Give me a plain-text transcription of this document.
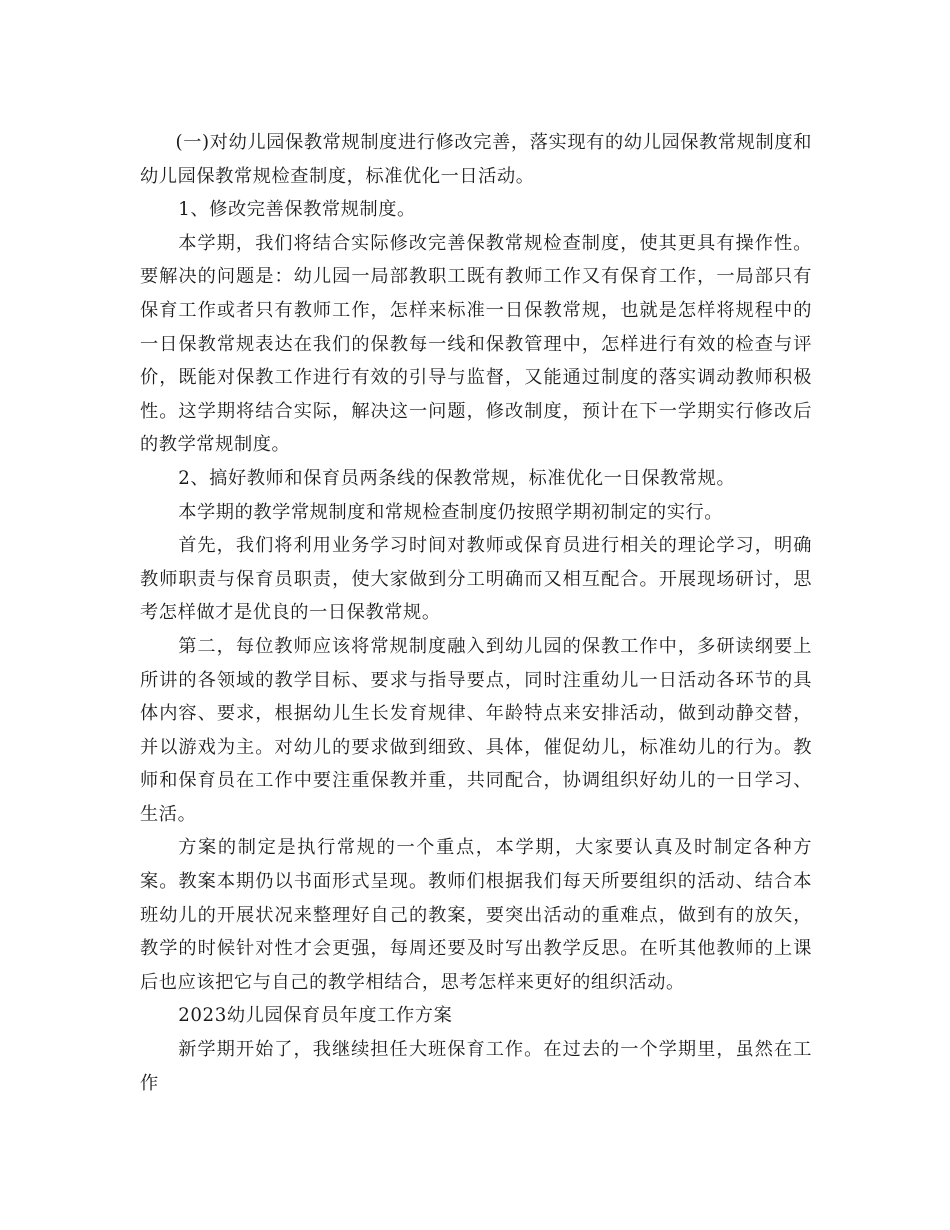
(一)对幼儿园保教常规制度进行修改完善，落实现有的幼儿园保教常规制度和幼儿园保教常规检查制度，标准优化一日活动。

1、修改完善保教常规制度。

本学期，我们将结合实际修改完善保教常规检查制度，使其更具有操作性。要解决的问题是：幼儿园一局部教职工既有教师工作又有保育工作，一局部只有保育工作或者只有教师工作，怎样来标准一日保教常规，也就是怎样将规程中的一日保教常规表达在我们的保教每一线和保教管理中，怎样进行有效的检查与评价，既能对保教工作进行有效的引导与监督，又能通过制度的落实调动教师积极性。这学期将结合实际，解决这一问题，修改制度，预计在下一学期实行修改后的教学常规制度。

2、搞好教师和保育员两条线的保教常规，标准优化一日保教常规。

本学期的教学常规制度和常规检查制度仍按照学期初制定的实行。

首先，我们将利用业务学习时间对教师或保育员进行相关的理论学习，明确教师职责与保育员职责，使大家做到分工明确而又相互配合。开展现场研讨，思考怎样做才是优良的一日保教常规。

第二，每位教师应该将常规制度融入到幼儿园的保教工作中，多研读纲要上所讲的各领域的教学目标、要求与指导要点，同时注重幼儿一日活动各环节的具体内容、要求，根据幼儿生长发育规律、年龄特点来安排活动，做到动静交替，并以游戏为主。对幼儿的要求做到细致、具体，催促幼儿，标准幼儿的行为。教师和保育员在工作中要注重保教并重，共同配合，协调组织好幼儿的一日学习、生活。

方案的制定是执行常规的一个重点，本学期，大家要认真及时制定各种方案。教案本期仍以书面形式呈现。教师们根据我们每天所要组织的活动、结合本班幼儿的开展状况来整理好自己的教案，要突出活动的重难点，做到有的放矢，教学的时候针对性才会更强，每周还要及时写出教学反思。在听其他教师的上课后也应该把它与自己的教学相结合，思考怎样来更好的组织活动。

2023幼儿园保育员年度工作方案

新学期开始了，我继续担任大班保育工作。在过去的一个学期里，虽然在工作
